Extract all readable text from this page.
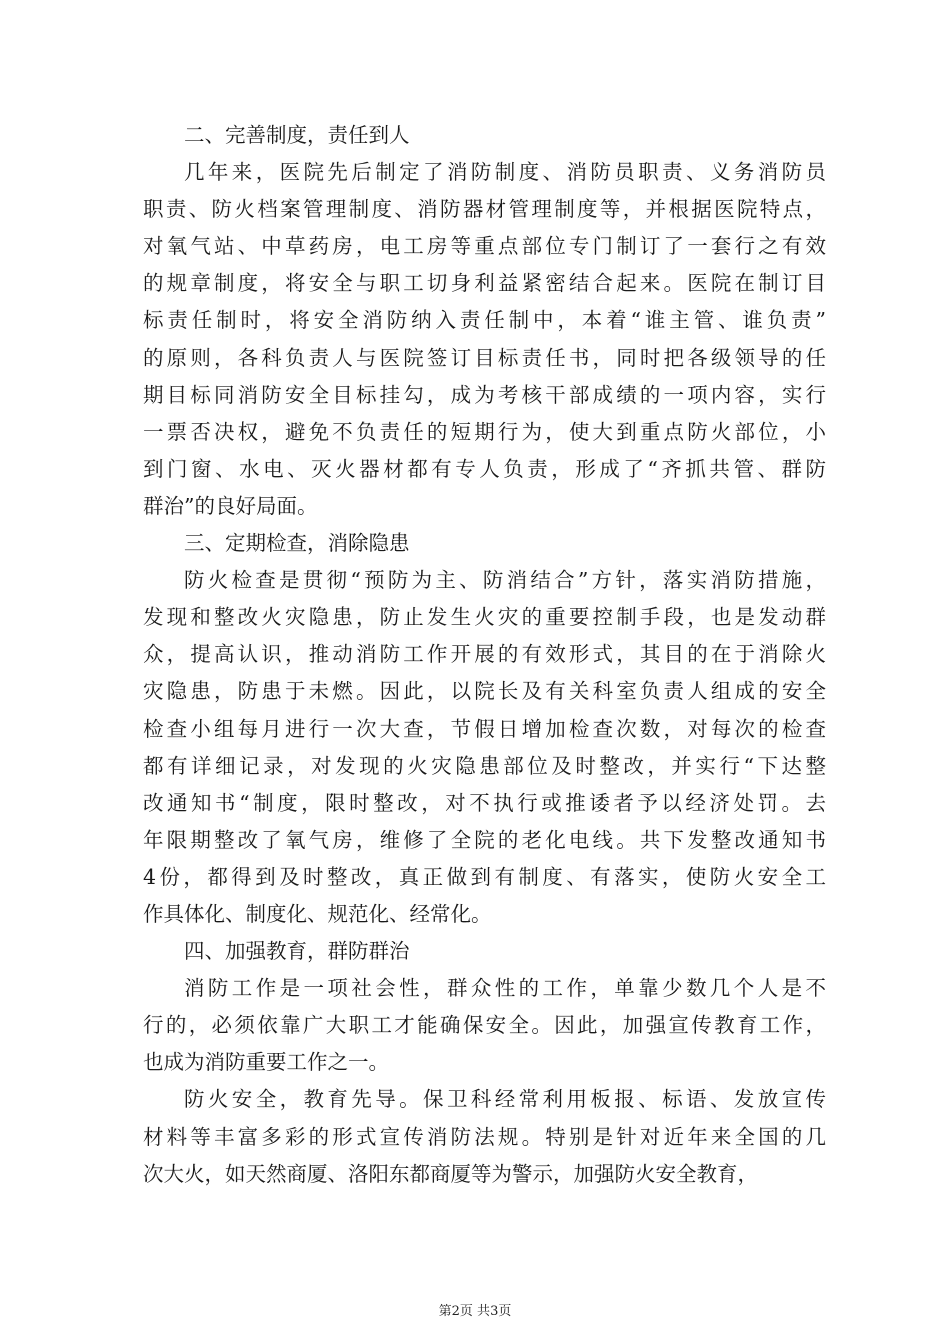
二、完善制度，责任到人
几年来，医院先后制定了消防制度、消防员职责、义务消防员
职责、防火档案管理制度、消防器材管理制度等，并根据医院特点，
对氧气站、中草药房，电工房等重点部位专门制订了一套行之有效
的规章制度，将安全与职工切身利益紧密结合起来。医院在制订目
标责任制时，将安全消防纳入责任制中，本着“谁主管、谁负责”
的原则，各科负责人与医院签订目标责任书，同时把各级领导的任
期目标同消防安全目标挂勾，成为考核干部成绩的一项内容，实行
一票否决权，避免不负责任的短期行为，使大到重点防火部位，小
到门窗、水电、灭火器材都有专人负责，形成了“齐抓共管、群防
群治”的良好局面。
三、定期检查，消除隐患
防火检查是贯彻“预防为主、防消结合”方针，落实消防措施，
发现和整改火灾隐患，防止发生火灾的重要控制手段，也是发动群
众，提高认识，推动消防工作开展的有效形式，其目的在于消除火
灾隐患，防患于未燃。因此，以院长及有关科室负责人组成的安全
检查小组每月进行一次大查，节假日增加检查次数，对每次的检查
都有详细记录，对发现的火灾隐患部位及时整改，并实行“下达整
改通知书“制度，限时整改，对不执行或推诿者予以经济处罚。去
年限期整改了氧气房，维修了全院的老化电线。共下发整改通知书
4份，都得到及时整改，真正做到有制度、有落实，使防火安全工
作具体化、制度化、规范化、经常化。
四、加强教育，群防群治
消防工作是一项社会性，群众性的工作，单靠少数几个人是不
行的，必须依靠广大职工才能确保安全。因此，加强宣传教育工作，
也成为消防重要工作之一。
防火安全，教育先导。保卫科经常利用板报、标语、发放宣传
材料等丰富多彩的形式宣传消防法规。特别是针对近年来全国的几
次大火，如天然商厦、洛阳东都商厦等为警示，加强防火安全教育，
第2页 共3页
